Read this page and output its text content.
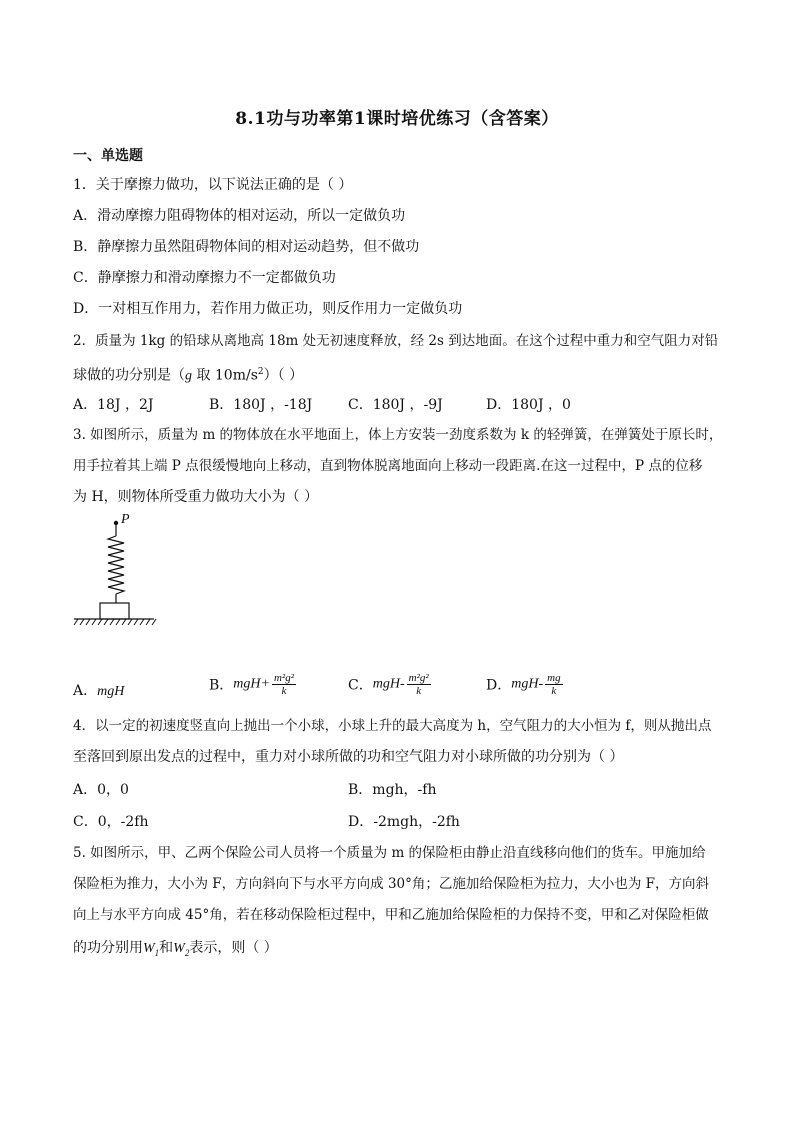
8.1功与功率第1课时培优练习（含答案）
一、单选题
1．关于摩擦力做功，以下说法正确的是（ ）
A．滑动摩擦力阻碍物体的相对运动，所以一定做负功
B．静摩擦力虽然阻碍物体间的相对运动趋势，但不做功
C．静摩擦力和滑动摩擦力不一定都做负功
D．一对相互作用力，若作用力做正功，则反作用力一定做负功
2．质量为 1kg 的铅球从离地高 18m 处无初速度释放，经 2s 到达地面。在这个过程中重力和空气阻力对铅
球做的功分别是（g 取 $10m/s^2$）（ ）
A．18J ，2J	B．180J ，-18J	C．180J ，-9J	D．180J ，0
3. 如图所示，质量为 m 的物体放在水平地面上，体上方安装一劲度系数为 k 的轻弹簧，在弹簧处于原长时，
用手拉着其上端 P 点很缓慢地向上移动，直到物体脱离地面向上移动一段距离.在这一过程中，P 点的位移
为 H，则物体所受重力做功大小为（ ）
P
A．mgH	B．$mgH+ \frac{\text{m²g²}}{k}$	C．$mgH- \frac{\text{m²g²}}{k}$	D．$mgH- \frac{mg}{k}$
4．以一定的初速度竖直向上抛出一个小球，小球上升的最大高度为 h，空气阻力的大小恒为 f，则从抛出点
至落回到原出发点的过程中，重力对小球所做的功和空气阻力对小球所做的功分别为（ ）
A．0，0	B．mgh，-fh
C．0，-2fh	D．-2mgh，-2fh
5. 如图所示，甲、乙两个保险公司人员将一个质量为 m 的保险柜由静止沿直线移向他们的货车。甲施加给
保险柜为推力，大小为 F，方向斜向下与水平方向成 30°角；乙施加给保险柜为拉力，大小也为 F，方向斜
向上与水平方向成 45°角，若在移动保险柜过程中，甲和乙施加给保险柜的力保持不变，甲和乙对保险柜做
的功分别用$W_1$和$W_2$表示，则（ ）
